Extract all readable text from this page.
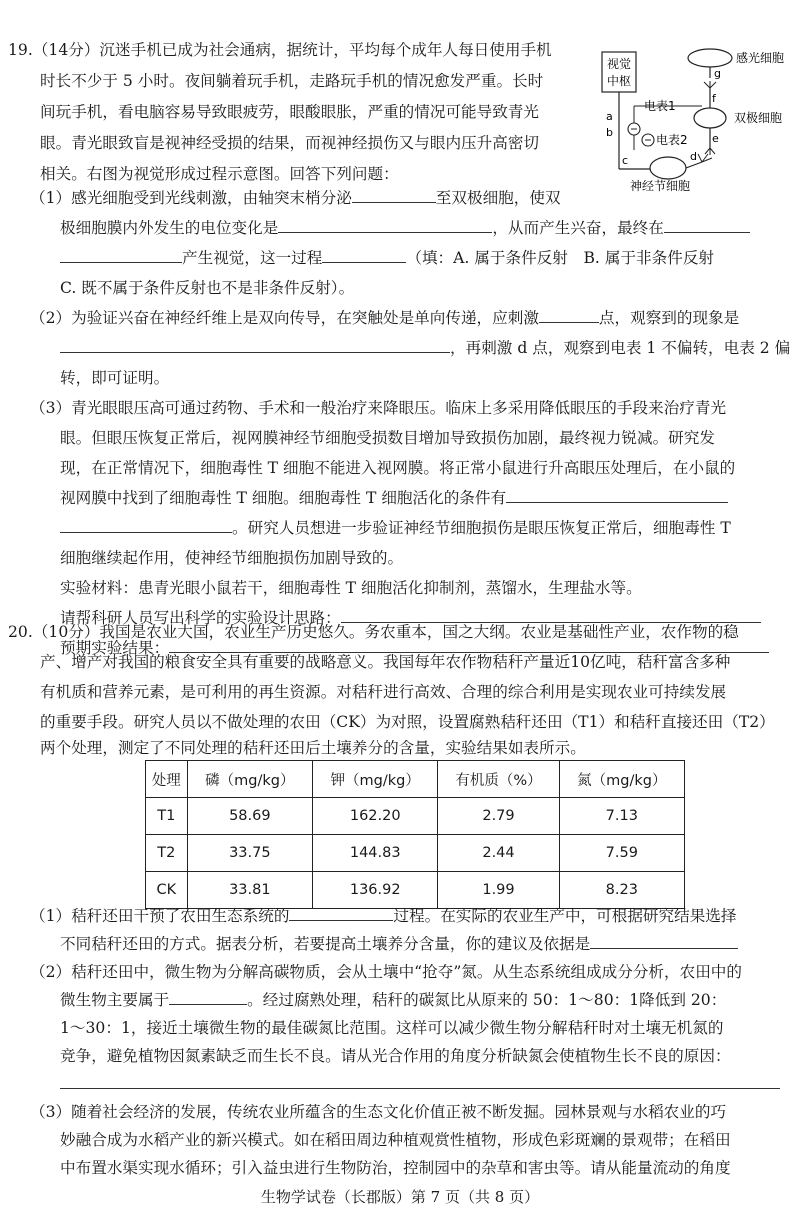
19.（14分）沉迷手机已成为社会通病，据统计，平均每个成年人每日使用手机
时长不少于 5 小时。夜间躺着玩手机，走路玩手机的情况愈发严重。长时
间玩手机，看电脑容易导致眼疲劳，眼酸眼胀，严重的情况可能导致青光
眼。青光眼致盲是视神经受损的结果，而视神经损伤又与眼内压升高密切
相关。右图为视觉形成过程示意图。回答下列问题：
视觉
中枢
感光细胞
双极细胞
神经节细胞
电表1
电表2
a
b
c	d
e
f
g
（1）感光细胞受到光线刺激，由轴突末梢分泌	至双极细胞，使双
极细胞膜内外发生的电位变化是	，从而产生兴奋，最终在
产生视觉，这一过程	（填：A. 属于条件反射　B. 属于非条件反射
C. 既不属于条件反射也不是非条件反射）。
（2）为验证兴奋在神经纤维上是双向传导，在突触处是单向传递，应刺激	点，观察到的现象是
，再刺激 d 点，观察到电表 1 不偏转，电表 2 偏
转，即可证明。
（3）青光眼眼压高可通过药物、手术和一般治疗来降眼压。临床上多采用降低眼压的手段来治疗青光
眼。但眼压恢复正常后，视网膜神经节细胞受损数目增加导致损伤加剧，最终视力锐减。研究发
现，在正常情况下，细胞毒性 T 细胞不能进入视网膜。将正常小鼠进行升高眼压处理后，在小鼠的
视网膜中找到了细胞毒性 T 细胞。细胞毒性 T 细胞活化的条件有
。研究人员想进一步验证神经节细胞损伤是眼压恢复正常后，细胞毒性 T
细胞继续起作用，使神经节细胞损伤加剧导致的。
实验材料：患青光眼小鼠若干，细胞毒性 T 细胞活化抑制剂，蒸馏水，生理盐水等。
请帮科研人员写出科学的实验设计思路：
预期实验结果：
20.（10分）我国是农业大国，农业生产历史悠久。务农重本，国之大纲。农业是基础性产业，农作物的稳
产、增产对我国的粮食安全具有重要的战略意义。我国每年农作物秸秆产量近10亿吨，秸秆富含多种
有机质和营养元素，是可利用的再生资源。对秸秆进行高效、合理的综合利用是实现农业可持续发展
的重要手段。研究人员以不做处理的农田（CK）为对照，设置腐熟秸秆还田（T1）和秸秆直接还田（T2）
两个处理，测定了不同处理的秸秆还田后土壤养分的含量，实验结果如表所示。
处理	磷（mg/kg）	钾（mg/kg）	有机质（%）	氮（mg/kg）
T1	58.69	162.20	2.79	7.13
T2	33.75	144.83	2.44	7.59
CK	33.81	136.92	1.99	8.23
（1）秸秆还田干预了农田生态系统的	过程。在实际的农业生产中，可根据研究结果选择
不同秸秆还田的方式。据表分析，若要提高土壤养分含量，你的建议及依据是
（2）秸秆还田中，微生物为分解高碳物质，会从土壤中“抢夺”氮。从生态系统组成成分分析，农田中的
微生物主要属于	。经过腐熟处理，秸秆的碳氮比从原来的 50：1～80：1降低到 20：
1～30：1，接近土壤微生物的最佳碳氮比范围。这样可以减少微生物分解秸秆时对土壤无机氮的
竞争，避免植物因氮素缺乏而生长不良。请从光合作用的角度分析缺氮会使植物生长不良的原因：
（3）随着社会经济的发展，传统农业所蕴含的生态文化价值正被不断发掘。园林景观与水稻农业的巧
妙融合成为水稻产业的新兴模式。如在稻田周边种植观赏性植物，形成色彩斑斓的景观带；在稻田
中布置水渠实现水循环；引入益虫进行生物防治，控制园中的杂草和害虫等。请从能量流动的角度
生物学试卷（长郡版）第 7 页（共 8 页）
